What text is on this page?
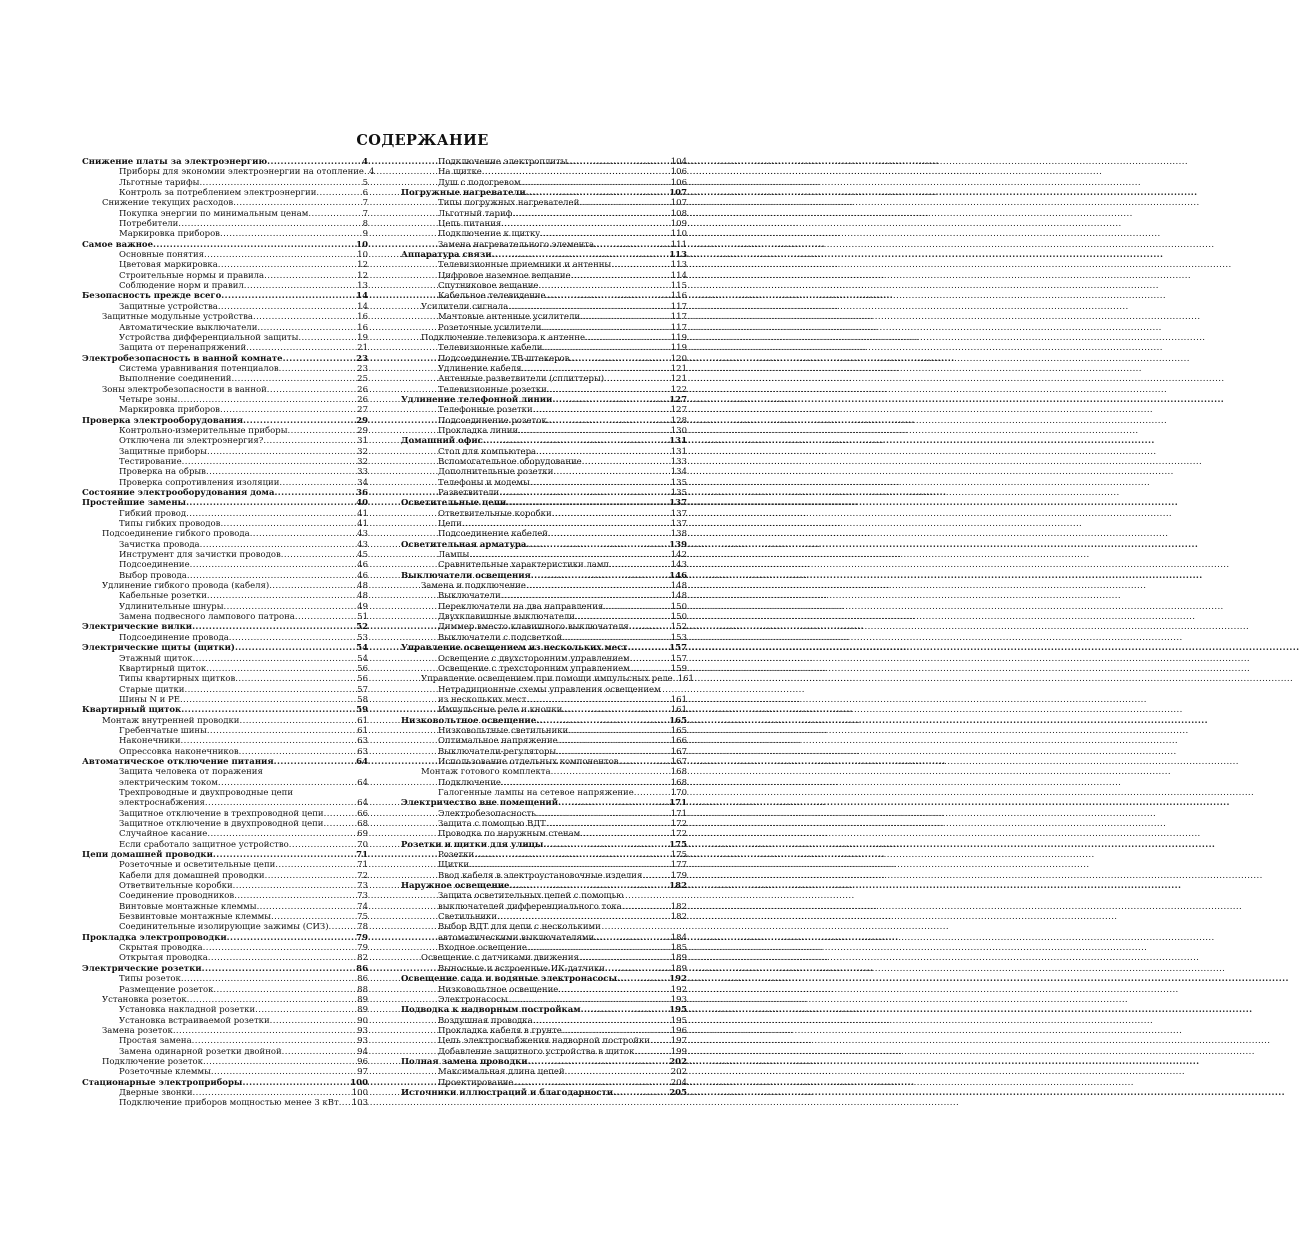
СОДЕРЖАНИЕ
Снижение платы за электроэнергию .....	4
Приборы для экономии электроэнергии на отопление ..... 4
Льготные тарифы .....	5
Контроль за потреблением электроэнергии .....	6
Снижение текущих расходов .....	7
Покупка энергии по минимальным ценам .....	7
Потребители .....	8
Маркировка приборов .....	9
Самое важное .....	10
Основные понятия .....	10
Цветовая маркировка .....	12
Строительные нормы и правила .....	12
Соблюдение норм и правил .....	13
Безопасность прежде всего .....	14
Защитные устройства .....	14
Защитные модульные устройства .....	16
Автоматические выключатели .....	16
Устройства дифференциальной защиты .....	19
Защита от перенапряжений .....	21
Электробезопасность в ванной комнате .....	23
Система уравнивания потенциалов .....	23
Выполнение соединений .....	25
Зоны электробезопасности в ванной .....	26
Четыре зоны .....	26
Маркировка приборов .....	27
Проверка электрооборудования .....	29
Контрольно-измерительные приборы .....	29
Отключена ли электроэнергия? .....	31
Защитные приборы .....	32
Тестирование .....	32
Проверка на обрыв .....	33
Проверка сопротивления изоляции .....	34
Состояние электрооборудования дома .....	36
Простейшие замены .....	40
Гибкий провод .....	41
Типы гибких проводов .....	41
Подсоединение гибкого провода .....	43
Зачистка провода .....	43
Инструмент для зачистки проводов .....	45
Подсоединение .....	46
Выбор провода .....	46
Удлинение гибкого провода (кабеля) .....	48
Кабельные розетки .....	48
Удлинительные шнуры .....	49
Замена подвесного лампового патрона .....	51
Электрические вилки .....	52
Подсоединение провода .....	53
Электрические щиты (щитки) .....	54
Этажный щиток .....	54
Квартирный щиток .....	56
Типы квартирных щитков .....	56
Старые щитки .....	57
Шины N и PE .....	58
Квартирный щиток .....	59
Монтаж внутренней проводки .....	61
Гребенчатые шины .....	61
Наконечники .....	63
Опрессовка наконечников .....	63
Автоматическое отключение питания .....	64
Защита человека от поражения
электрическим током .....	64
Трехпроводные и двухпроводные цепи
электроснабжения .....	64
Защитное отключение в трехпроводной цепи .....	66
Защитное отключение в двухпроводной цепи .....	68
Случайное касание .....	69
Если сработало защитное устройство .....	70
Цепи домашней проводки .....	71
Розеточные и осветительные цепи .....	71
Кабели для домашней проводки .....	72
Ответвительные коробки .....	73
Соединение проводников .....	73
Винтовые монтажные клеммы .....	74
Безвинтовые монтажные клеммы .....	75
Соединительные изолирующие зажимы (СИЗ) .....	78
Прокладка электропроводки .....	79
Скрытая проводка .....	79
Открытая проводка .....	82
Электрические розетки .....	86
Типы розеток .....	86
Размещение розеток .....	88
Установка розеток .....	89
Установка накладной розетки .....	89
Установка встраиваемой розетки .....	90
Замена розеток .....	93
Простая замена .....	93
Замена одинарной розетки двойной .....	94
Подключение розеток .....	96
Розеточные клеммы .....	97
Стационарные электроприборы .....	100
Дверные звонки .....	100
Подключение приборов мощностью менее 3 кВт ..... 103
Подключение электроплиты .....	104
На щитке .....	106
Душ с подогревом .....	106
Погружные нагреватели .....	107
Типы погружных нагревателей .....	107
Льготный тариф .....	108
Цепь питания .....	109
Подключение к щитку .....	110
Замена нагревательного элемента .....	111
Аппаратура связи .....	113
Телевизионные приемники и антенны .....	113
Цифровое наземное вещание .....	114
Спутниковое вещание .....	115
Кабельное телевидение .....	116
Усилители сигнала .....	117
Мачтовые антенные усилители .....	117
Розеточные усилители .....	117
Подключение телевизора к антенне .....	119
Телевизионные кабели .....	119
Подсоединение ТВ-штекеров .....	120
Удлинение кабеля .....	121
Антенные разветвители (сплиттеры) .....	121
Телевизионные розетки .....	122
Удлинение телефонной линии .....	127
Телефонные розетки .....	127
Подсоединение розеток .....	128
Прокладка линии .....	130
Домашний офис .....	131
Стол для компьютера .....	131
Вспомогательное оборудование .....	133
Дополнительные розетки .....	134
Телефоны и модемы .....	135
Разветвители .....	135
Осветительные цепи .....	137
Ответвительные коробки .....	137
Цепи .....	137
Подсоединение кабелей .....	138
Осветительная арматура .....	139
Лампы .....	142
Сравнительные характеристики ламп .....	143
Выключатели освещения .....	146
Замена и подключение .....	148
Выключатели .....	148
Переключатели на два направления .....	150
Двухклавишные выключатели .....	150
Диммер вместо клавишного выключателя .....	152
Выключатели с подсветкой .....	153
Управление освещением из нескольких мест .....	157
Освещение с двухсторонним управлением .....	157
Освещение с трехсторонним управлением .....	159
Управление освещением при помощи импульсных реле ..... 161
Нетрадиционные схемы управления освещением
из нескольких мест .....	161
Импульсные реле и кнопки .....	161
Низковольтное освещение .....	165
Низковольтные светильники .....	165
Оптимальное напряжение .....	166
Выключатели-регуляторы .....	167
Использование отдельных компонентов .....	167
Монтаж готового комплекта .....	168
Подключение .....	168
Галогенные лампы на сетевое напряжение .....	170
Электричество вне помещений .....	171
Электробезопасность .....	171
Защита с помощью ВДТ .....	172
Проводка по наружным стенам .....	172
Розетки и щитки для улицы .....	175
Розетки .....	175
Щитки .....	177
Ввод кабеля в электроустановочные изделия .....	179
Наружное освещение .....	182
Защита осветительных цепей с помощью
выключателей дифференциального тока .....	182
Светильники .....	182
Выбор ВДТ для цепи с несколькими
автоматическими выключателями .....	184
Входное освещение .....	185
Освещение с датчиками движения .....	189
Выносные и встроенные ИК-датчики .....	189
Освещение сада и водяные электронасосы .....	192
Низковольтное освещение .....	192
Электронасосы .....	193
Подводка к надворным постройкам .....	195
Воздушная проводка .....	195
Прокладка кабеля в грунте .....	196
Цепь электроснабжения надворной постройки ..... 197
Добавление защитного устройства в щиток .....	199
Полная замена проводки .....	202
Максимальная длина цепей .....	202
Проектирование .....	204
Источники иллюстраций и благодарности .....	205
